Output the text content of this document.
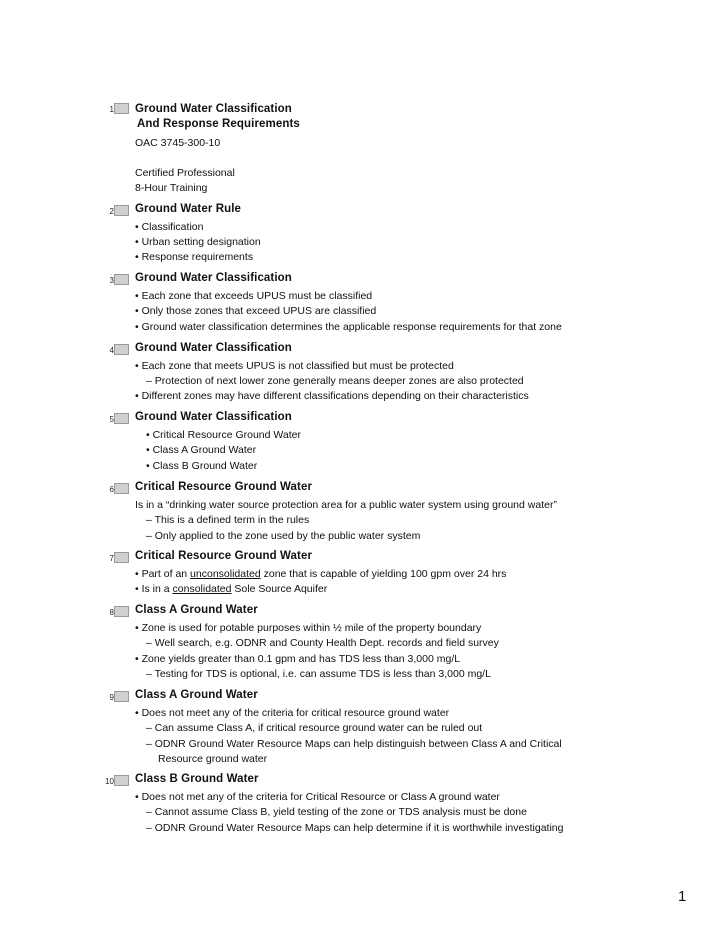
1 Ground Water Classification
And Response Requirements
OAC 3745-300-10
Certified Professional
8-Hour Training
2 Ground Water Rule
• Classification
• Urban setting designation
• Response requirements
3 Ground Water Classification
• Each zone that exceeds UPUS must be classified
• Only those zones that exceed UPUS are classified
• Ground water classification determines the applicable response requirements for that zone
4 Ground Water Classification
• Each zone that meets UPUS is not classified but must be protected
– Protection of next lower zone generally means deeper zones are also protected
• Different zones may have different classifications depending on their characteristics
5 Ground Water Classification
• Critical Resource Ground Water
• Class A Ground Water
• Class B Ground Water
6 Critical Resource Ground Water
Is in a “drinking water source protection area for a public water system using ground water”
– This is a defined term in the rules
– Only applied to the zone used by the public water system
7 Critical Resource Ground Water
• Part of an unconsolidated zone that is capable of yielding 100 gpm over 24 hrs
• Is in a consolidated Sole Source Aquifer
8 Class A Ground Water
• Zone is used for potable purposes within ½ mile of the property boundary
– Well search, e.g. ODNR and County Health Dept. records and field survey
• Zone yields greater than 0.1 gpm and has TDS less than 3,000 mg/L
– Testing for TDS is optional, i.e. can assume TDS is less than 3,000 mg/L
9 Class A Ground Water
• Does not meet any of the criteria for critical resource ground water
– Can assume Class A, if critical resource ground water can be ruled out
– ODNR Ground Water Resource Maps can help distinguish between Class A and Critical
Resource ground water
10 Class B Ground Water
• Does not met any of the criteria for Critical Resource or Class A ground water
– Cannot assume Class B, yield testing of the zone or TDS analysis must be done
– ODNR Ground Water Resource Maps can help determine if it is worthwhile investigating
1
